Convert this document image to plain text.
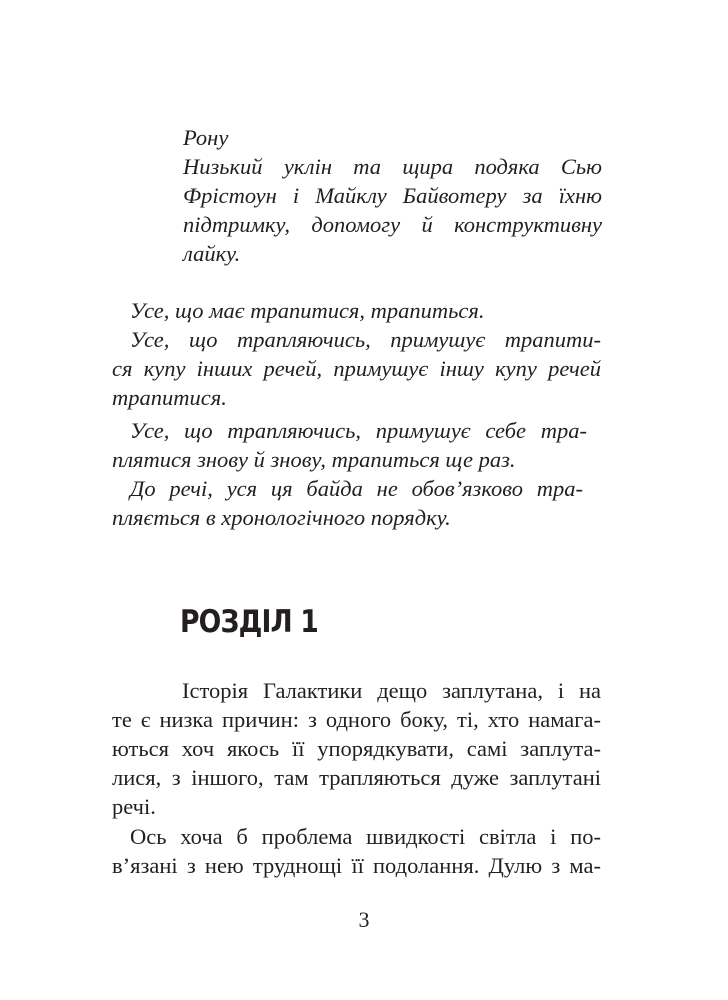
Рону

Низький уклін та щира подяка Сью

Фрістоун і Майклу Байвотеру за їхню

підтримку, допомогу й конструктивну

лайку.

Усе, що має трапитися, трапиться.

Усе, що трапляючись, примушує трапити-

ся купу інших речей, примушує іншу купу речей

трапитися.

Усе, що трапляючись, примушує себе тра-

плятися знову й знову, трапиться ще раз.

До речі, уся ця байда не обов’язково тра-

пляється в хронологічного порядку.

РОЗДІЛ 1

Історія Галактики дещо заплутана, і на

те є низка причин: з одного боку, ті, хто намага-

ються хоч якось її упорядкувати, самі заплута-

лися, з іншого, там трапляються дуже заплутані

речі.

Ось хоча б проблема швидкості світла і по-

в’язані з нею труднощі її подолання. Дулю з ма-

3
